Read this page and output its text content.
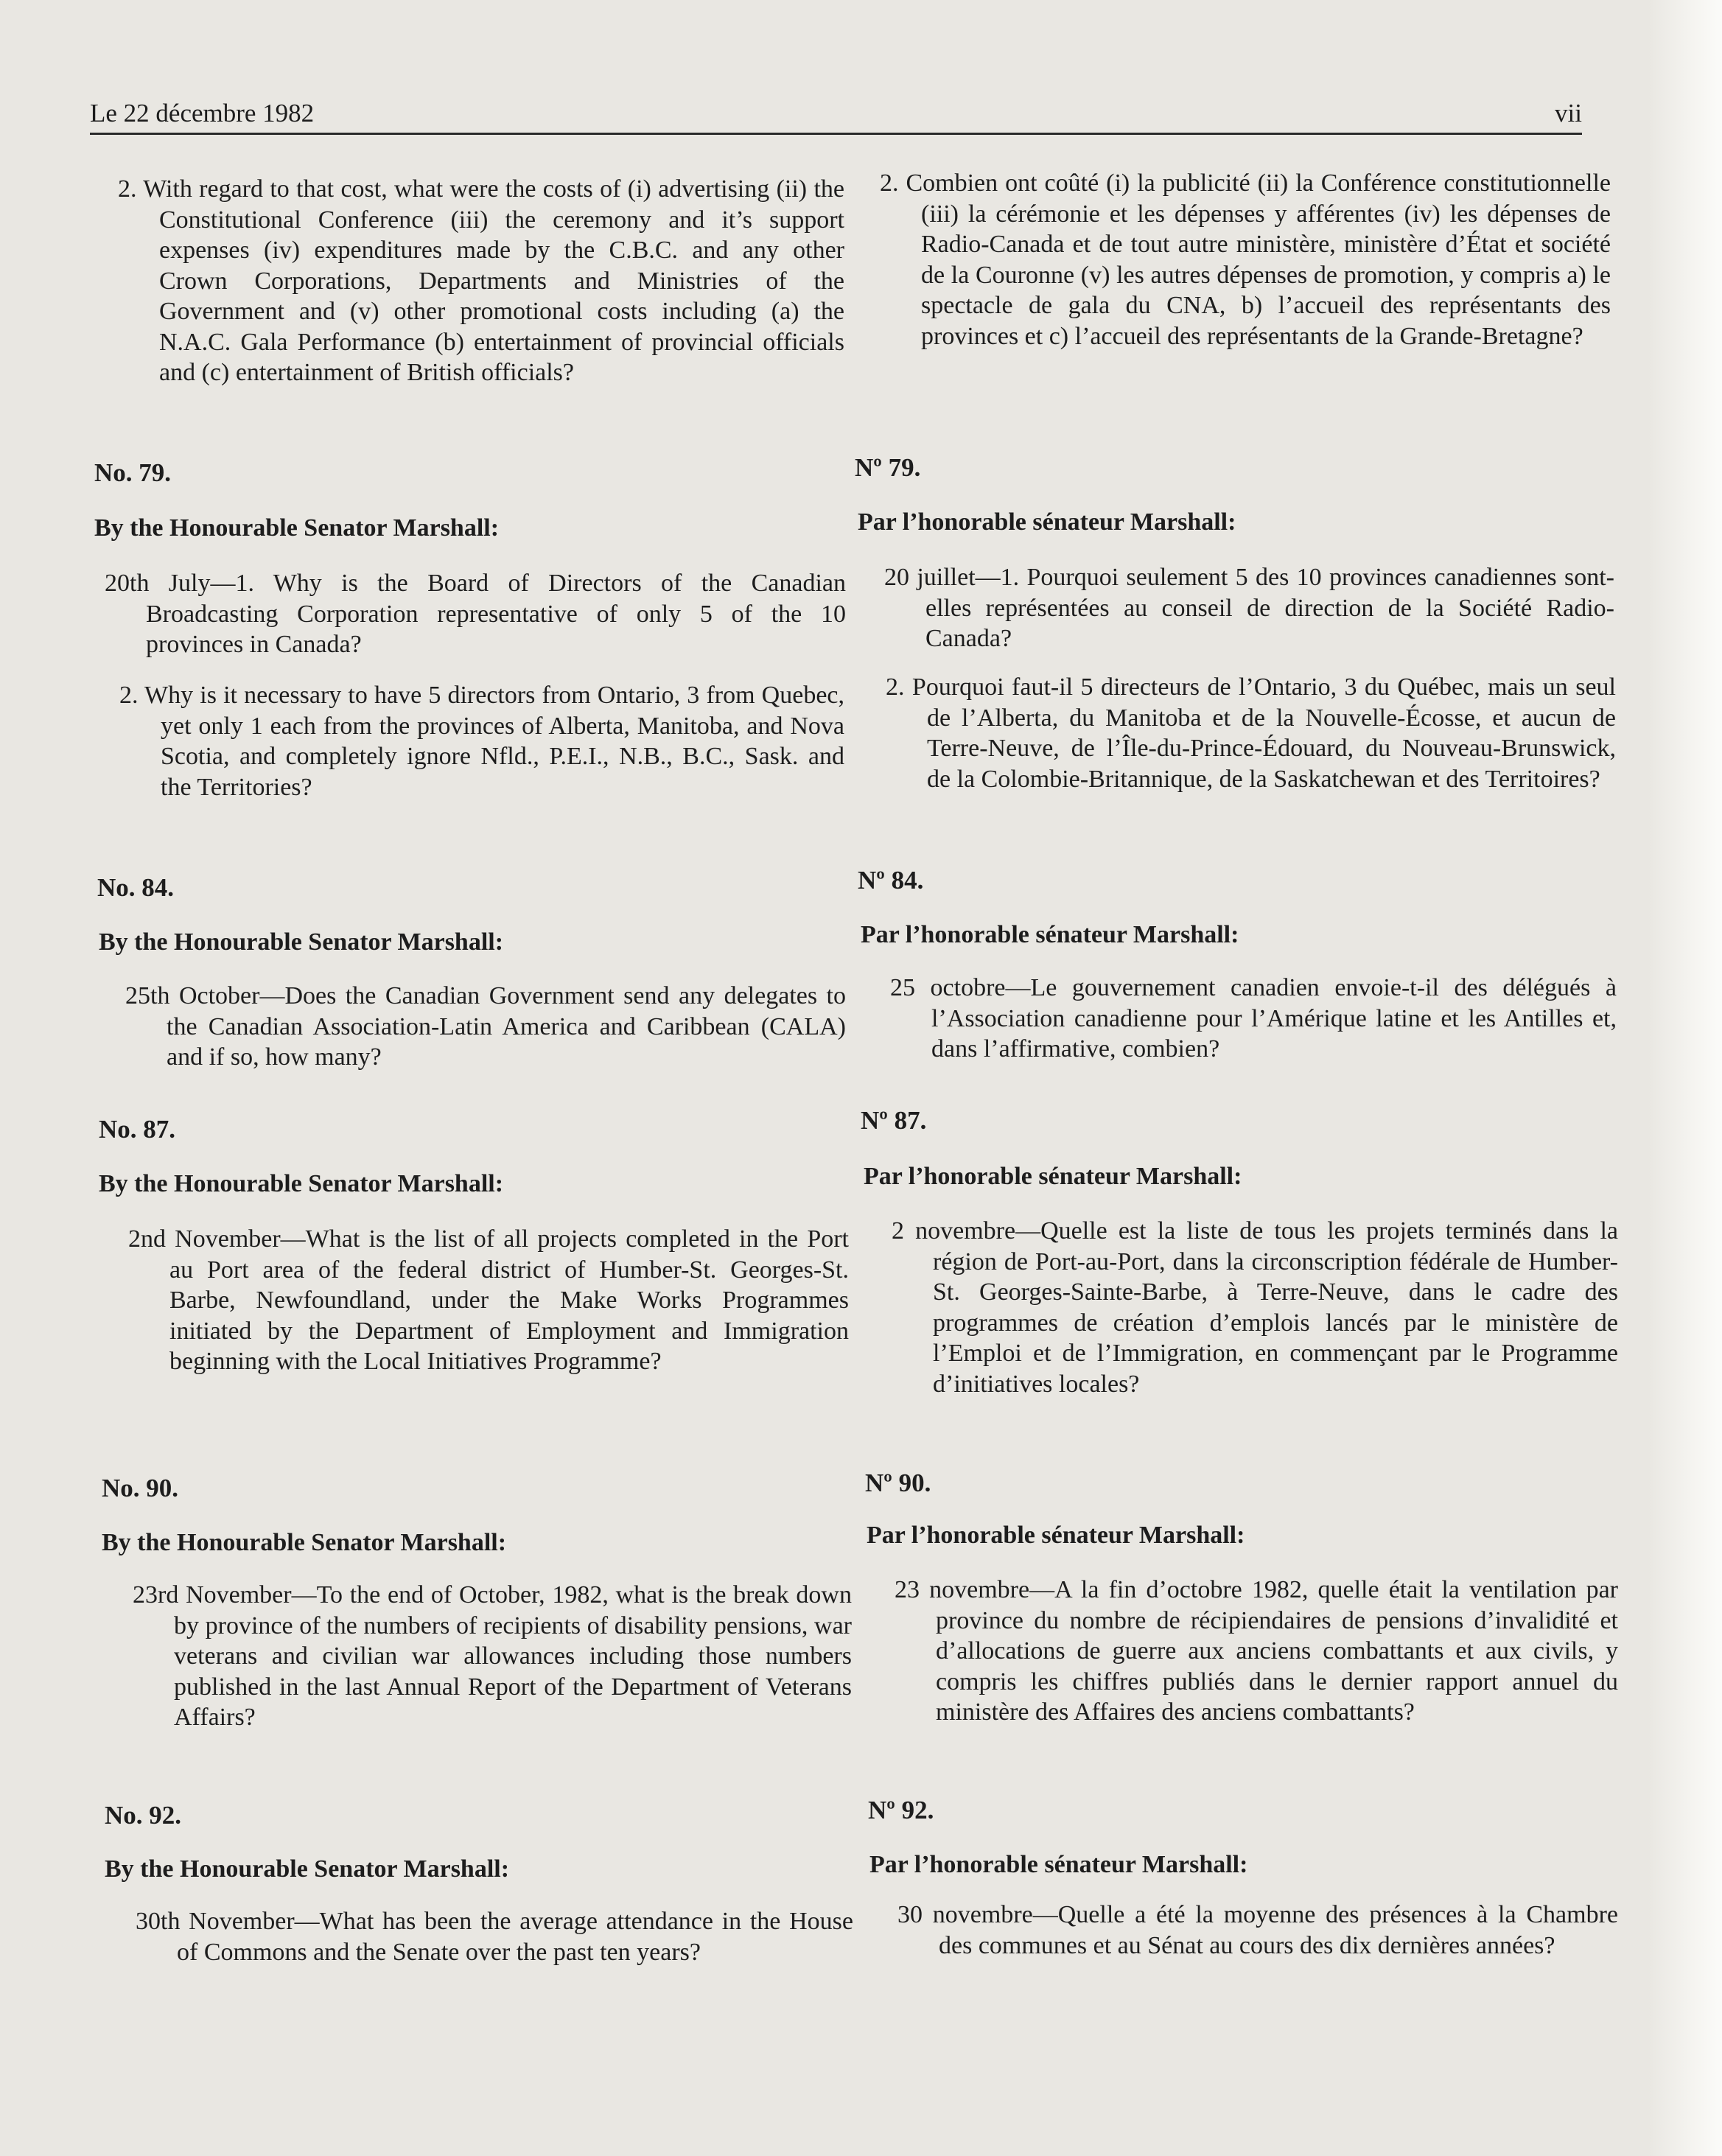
Le 22 décembre 1982	vii

2. With regard to that cost, what were the costs of (i) advertising (ii) the Constitutional Conference (iii) the ceremony and it’s support expenses (iv) expenditures made by the C.B.C. and any other Crown Corporations, Departments and Ministries of the Government and (v) other promotional costs including (a) the N.A.C. Gala Performance (b) entertainment of provincial officials and (c) entertainment of British officials?

No. 79.

By the Honourable Senator Marshall:

20th July—1. Why is the Board of Directors of the Canadian Broadcasting Corporation representative of only 5 of the 10 provinces in Canada?

2. Why is it necessary to have 5 directors from Ontario, 3 from Quebec, yet only 1 each from the provinces of Alberta, Manitoba, and Nova Scotia, and completely ignore Nfld., P.E.I., N.B., B.C., Sask. and the Territories?

No. 84.

By the Honourable Senator Marshall:

25th October—Does the Canadian Government send any delegates to the Canadian Association-Latin America and Caribbean (CALA) and if so, how many?

No. 87.

By the Honourable Senator Marshall:

2nd November—What is the list of all projects completed in the Port au Port area of the federal district of Humber-St. Georges-St. Barbe, Newfoundland, under the Make Works Programmes initiated by the Department of Employment and Immigration beginning with the Local Initiatives Programme?

No. 90.

By the Honourable Senator Marshall:

23rd November—To the end of October, 1982, what is the break down by province of the numbers of recipients of disability pensions, war veterans and civilian war allowances including those numbers published in the last Annual Report of the Department of Veterans Affairs?

No. 92.

By the Honourable Senator Marshall:

30th November—What has been the average attendance in the House of Commons and the Senate over the past ten years?

2. Combien ont coûté (i) la publicité (ii) la Conférence constitutionnelle (iii) la cérémonie et les dépenses y afférentes (iv) les dépenses de Radio-Canada et de tout autre ministère, ministère d’État et société de la Couronne (v) les autres dépenses de promotion, y compris a) le spectacle de gala du CNA, b) l’accueil des représentants des provinces et c) l’accueil des représentants de la Grande-Bretagne?

Nº 79.

Par l’honorable sénateur Marshall:

20 juillet—1. Pourquoi seulement 5 des 10 provinces canadiennes sont-elles représentées au conseil de direction de la Société Radio-Canada?

2. Pourquoi faut-il 5 directeurs de l’Ontario, 3 du Québec, mais un seul de l’Alberta, du Manitoba et de la Nouvelle-Écosse, et aucun de Terre-Neuve, de l’Île-du-Prince-Édouard, du Nouveau-Brunswick, de la Colombie-Britannique, de la Saskatchewan et des Territoires?

Nº 84.

Par l’honorable sénateur Marshall:

25 octobre—Le gouvernement canadien envoie-t-il des délégués à l’Association canadienne pour l’Amérique latine et les Antilles et, dans l’affirmative, combien?

Nº 87.

Par l’honorable sénateur Marshall:

2 novembre—Quelle est la liste de tous les projets terminés dans la région de Port-au-Port, dans la circonscription fédérale de Humber-St. Georges-Sainte-Barbe, à Terre-Neuve, dans le cadre des programmes de création d’emplois lancés par le ministère de l’Emploi et de l’Immigration, en commençant par le Programme d’initiatives locales?

Nº 90.

Par l’honorable sénateur Marshall:

23 novembre—A la fin d’octobre 1982, quelle était la ventilation par province du nombre de récipiendaires de pensions d’invalidité et d’allocations de guerre aux anciens combattants et aux civils, y compris les chiffres publiés dans le dernier rapport annuel du ministère des Affaires des anciens combattants?

Nº 92.

Par l’honorable sénateur Marshall:

30 novembre—Quelle a été la moyenne des présences à la Chambre des communes et au Sénat au cours des dix dernières années?
